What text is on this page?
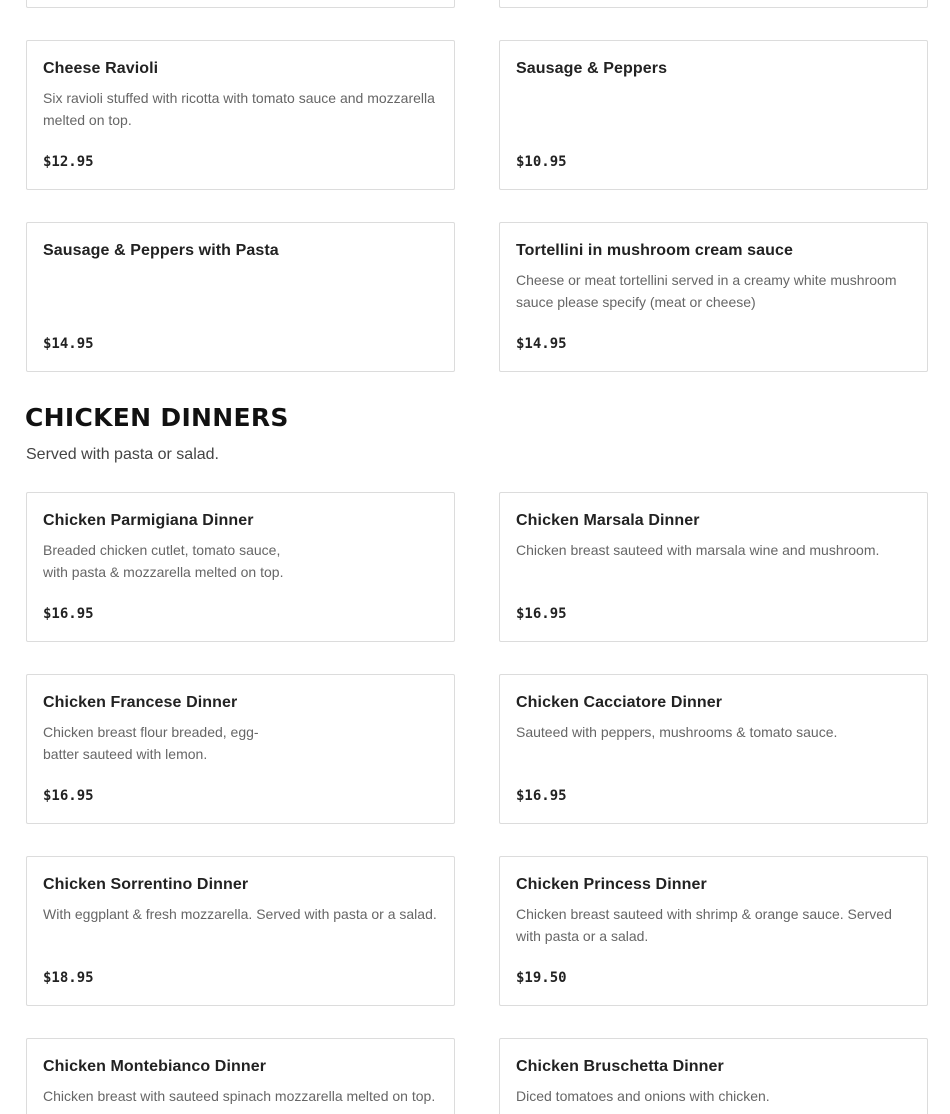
Cheese Ravioli
Six ravioli stuffed with ricotta with tomato sauce and mozzarella melted on top.
$12.95
Sausage & Peppers
$10.95
Sausage & Peppers with Pasta
$14.95
Tortellini in mushroom cream sauce
Cheese or meat tortellini served in a creamy white mushroom sauce please specify (meat or cheese)
$14.95
CHICKEN DINNERS

Served with pasta or salad.

Chicken Parmigiana Dinner
Breaded chicken cutlet, tomato sauce, with pasta & mozzarella melted on top.
$16.95
Chicken Marsala Dinner
Chicken breast sauteed with marsala wine and mushroom.
$16.95
Chicken Francese Dinner
Chicken breast flour breaded, egg-batter sauteed with lemon.
$16.95
Chicken Cacciatore Dinner
Sauteed with peppers, mushrooms & tomato sauce.
$16.95
Chicken Sorrentino Dinner
With eggplant & fresh mozzarella. Served with pasta or a salad.
$18.95
Chicken Princess Dinner
Chicken breast sauteed with shrimp & orange sauce. Served with pasta or a salad.
$19.50
Chicken Montebianco Dinner
Chicken breast with sauteed spinach mozzarella melted on top.
Chicken Bruschetta Dinner
Diced tomatoes and onions with chicken.
